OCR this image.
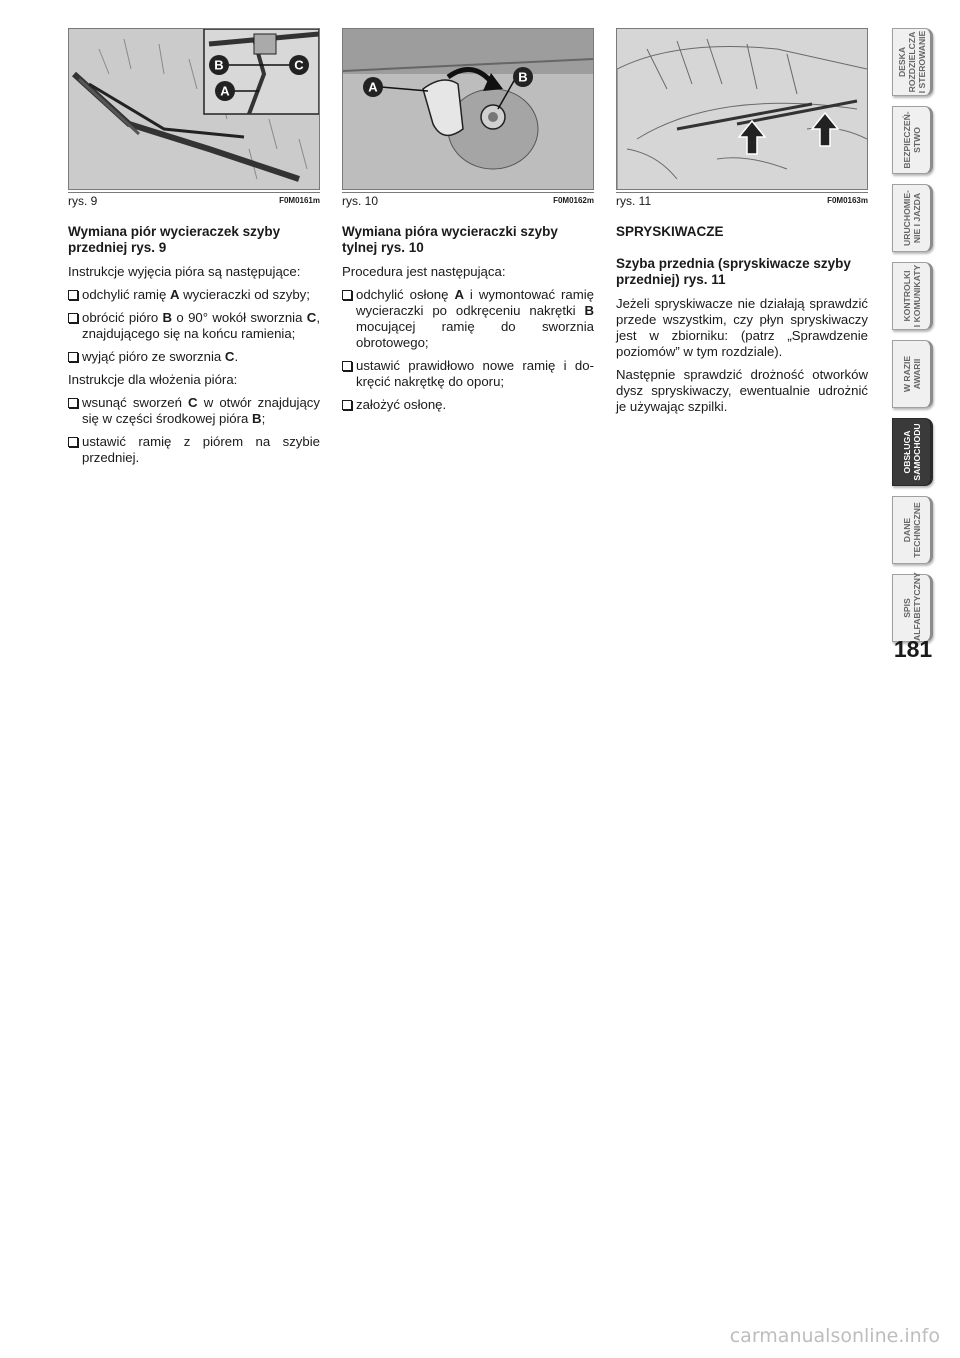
B	C
A
rys. 9	F0M0161m
A
B
rys. 10	F0M0162m rys. 11	F0M0163m
Wymiana piór wycieraczek szyby przedniej rys. 9

Instrukcje wyjęcia pióra są następujące:

odchylić ramię A wycieraczki od szyby;
obrócić pióro B o 90° wokół sworznia C, znajdującego się na końcu ramienia;
wyjąć pióro ze sworznia C.

Instrukcje dla włożenia pióra:

wsunąć sworzeń C w otwór znajdujący się w części środkowej pióra B;
ustawić ramię z piórem na szybie przedniej.
Wymiana pióra wycieraczki szyby tylnej rys. 10

Procedura jest następująca:

odchylić osłonę A i wymontować ramię wycieraczki po odkręceniu nakrętki B mocującej ramię do sworznia obrotowego;
ustawić prawidłowo nowe ramię i dokręcić nakrętkę do oporu;
założyć osłonę.
SPRYSKIWACZE
Szyba przednia (spryskiwacze szyby przedniej) rys. 11

Jeżeli spryskiwacze nie działają sprawdzić przede wszystkim, czy płyn spryskiwaczy jest w zbiorniku: (patrz „Sprawdzenie poziomów” w tym rozdziale).

Następnie sprawdzić drożność otworków dysz spryskiwaczy, ewentualnie udrożnić je używając szpilki.

DESKA
ROZDZIELCZA
I STEROWANIE
BEZPIECZEŃ-
STWO
URUCHOMIE-
NIE I JAZDA
KONTROLKI
I KOMUNIKATY
W RAZIE
AWARII
OBSŁUGA
SAMOCHODU
DANE
TECHNICZNE
SPIS
ALFABETYCZNY
181
carmanualsonline.info
